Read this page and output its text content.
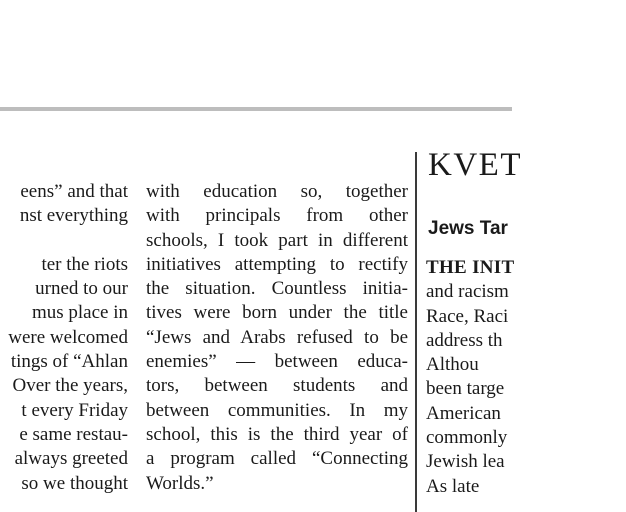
eens” and that
nst everything

ter the riots
urned to our
mus place in
were welcomed
tings of “Ahlan
Over the years,
t every Friday
e same restau-
always greeted
so we thought
with education so, together
with principals from other
schools, I took part in different
initiatives attempting to rectify
the situation. Countless initia-
tives were born under the title
“Jews and Arabs refused to be
enemies” — between educa-
tors, between students and
between communities. In my
school, this is the third year of
a program called “Connecting
Worlds.”
KVET
Jews Tar
THE INIT
and racism
Race, Raci
address th
Althou
been targe
American
commonly
Jewish lea
As late
